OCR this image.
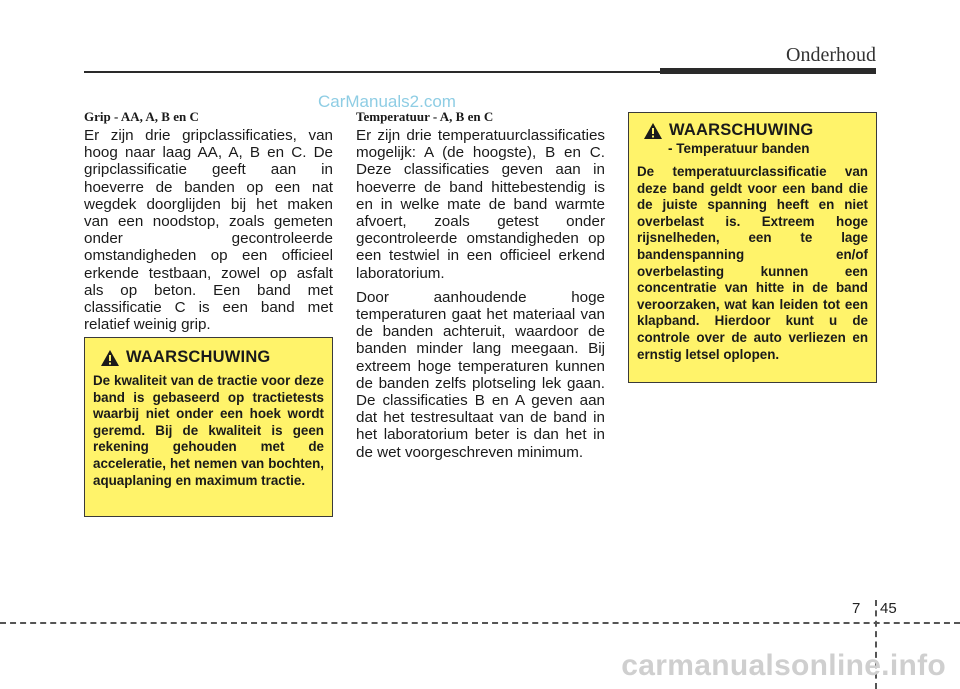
Onderhoud
CarManuals2.com

Grip - AA, A, B en C

Er zijn drie gripclassificaties, van hoog naar laag AA, A, B en C. De gripclassificatie geeft aan in hoeverre de banden op een nat wegdek doorglijden bij het maken van een noodstop, zoals gemeten onder gecontroleerde omstandigheden op een officieel erkende testbaan, zowel op asfalt als op beton. Een band met classificatie C is een band met relatief weinig grip.

WAARSCHUWING

De kwaliteit van de tractie voor deze band is gebaseerd op tractietests waarbij niet onder een hoek wordt geremd. Bij de kwaliteit is geen rekening gehouden met de acceleratie, het nemen van bochten, aquaplaning en maximum tractie.

Temperatuur - A, B en C

Er zijn drie temperatuurclassificaties mogelijk: A (de hoogste), B en C. Deze classificaties geven aan in hoeverre de band hittebestendig is en in welke mate de band warmte afvoert, zoals getest onder gecontroleerde omstandigheden op een testwiel in een officieel erkend laboratorium.

Door aanhoudende hoge temperaturen gaat het materiaal van de banden achteruit, waardoor de banden minder lang meegaan. Bij extreem hoge temperaturen kunnen de banden zelfs plotseling lek gaan. De classificaties B en A geven aan dat het testresultaat van de band in het laboratorium beter is dan het in de wet voorgeschreven minimum.

WAARSCHUWING
- Temperatuur banden

De temperatuurclassificatie van deze band geldt voor een band die de juiste spanning heeft en niet overbelast is. Extreem hoge rijsnelheden, een te lage bandenspanning en/of overbelasting kunnen een concentratie van hitte in de band veroorzaken, wat kan leiden tot een klapband. Hierdoor kunt u de controle over de auto verliezen en ernstig letsel oplopen.

7 45
carmanualsonline.info
